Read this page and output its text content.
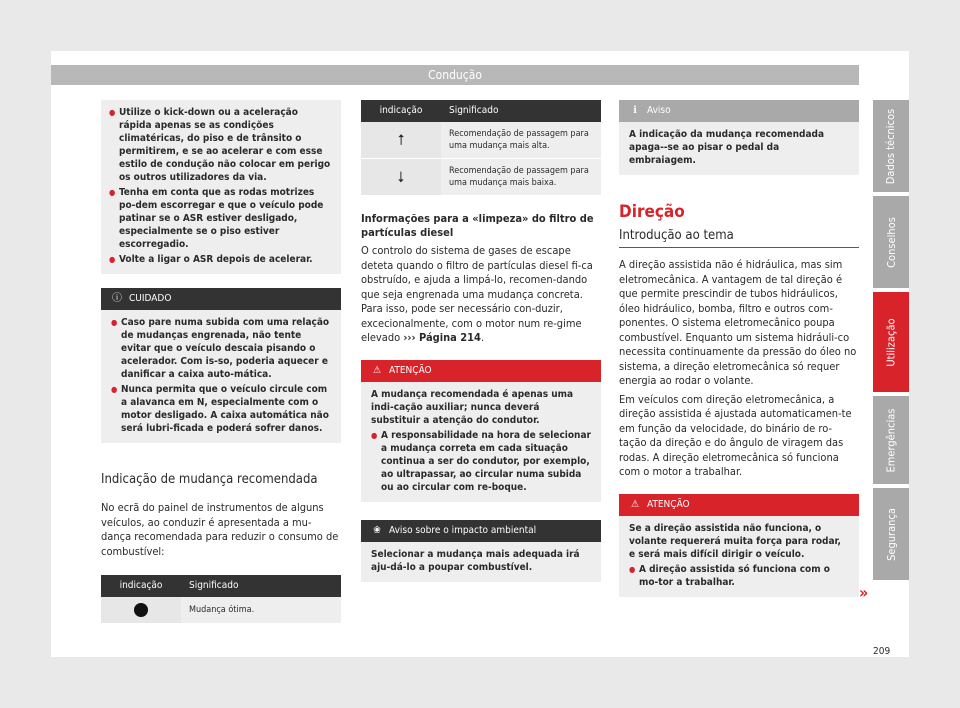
Condução
● Utilize o kick-down ou a aceleração rápida apenas se as condições climatéricas, do piso e de trânsito o permitirem, e se ao acelerar e com esse estilo de condução não colocar em perigo os outros utilizadores da via.
● Tenha em conta que as rodas motrizes po-dem escorregar e que o veículo pode patinar se o ASR estiver desligado, especialmente se o piso estiver escorregadio.
● Volte a ligar o ASR depois de acelerar.
ⓘ CUIDADO
● Caso pare numa subida com uma relação de mudanças engrenada, não tente evitar que o veículo descaia pisando o acelerador. Com is-so, poderia aquecer e danificar a caixa auto-mática.
● Nunca permita que o veículo circule com a alavanca em N, especialmente com o motor desligado. A caixa automática não será lubri-ficada e poderá sofrer danos.
Indicação de mudança recomendada
No ecrã do painel de instrumentos de alguns veículos, ao conduzir é apresentada a mu-dança recomendada para reduzir o consumo de combustível:
indicação	Significado
	Mudança ótima.
indicação	Significado
⭡	Recomendação de passagem para uma mudança mais alta.
⭣	Recomendação de passagem para uma mudança mais baixa.
Informações para a «limpeza» do filtro de partículas diesel
O controlo do sistema de gases de escape deteta quando o filtro de partículas diesel fi-ca obstruído, e ajuda a limpá-lo, recomen-dando que seja engrenada uma mudança concreta. Para isso, pode ser necessário con-duzir, excecionalmente, com o motor num re-gime elevado ››› Página 214.
⚠ ATENÇÃO
A mudança recomendada é apenas uma indi-cação auxiliar; nunca deverá substituir a atenção do condutor.
● A responsabilidade na hora de selecionar a mudança correta em cada situação continua a ser do condutor, por exemplo, ao ultrapassar, ao circular numa subida ou ao circular com re-boque.
❀ Aviso sobre o impacto ambiental
Selecionar a mudança mais adequada irá aju-dá-lo a poupar combustível.
ℹ Aviso
A indicação da mudança recomendada apaga--se ao pisar o pedal da embraiagem.
Direção
Introdução ao tema
A direção assistida não é hidráulica, mas sim eletromecânica. A vantagem de tal direção é que permite prescindir de tubos hidráulicos, óleo hidráulico, bomba, filtro e outros com-ponentes. O sistema eletromecânico poupa combustível. Enquanto um sistema hidráuli-co necessita continuamente da pressão do óleo no sistema, a direção eletromecânica só requer energia ao rodar o volante.
Em veículos com direção eletromecânica, a direção assistida é ajustada automaticamen-te em função da velocidade, do binário de ro-tação da direção e do ângulo de viragem das rodas. A direção eletromecânica só funciona com o motor a trabalhar.
⚠ ATENÇÃO
Se a direção assistida não funciona, o volante requererá muita força para rodar, e será mais difícil dirigir o veículo.
● A direção assistida só funciona com o mo-tor a trabalhar.
»
Dados técnicos
Conselhos
Utilização
Emergências
Segurança
209
